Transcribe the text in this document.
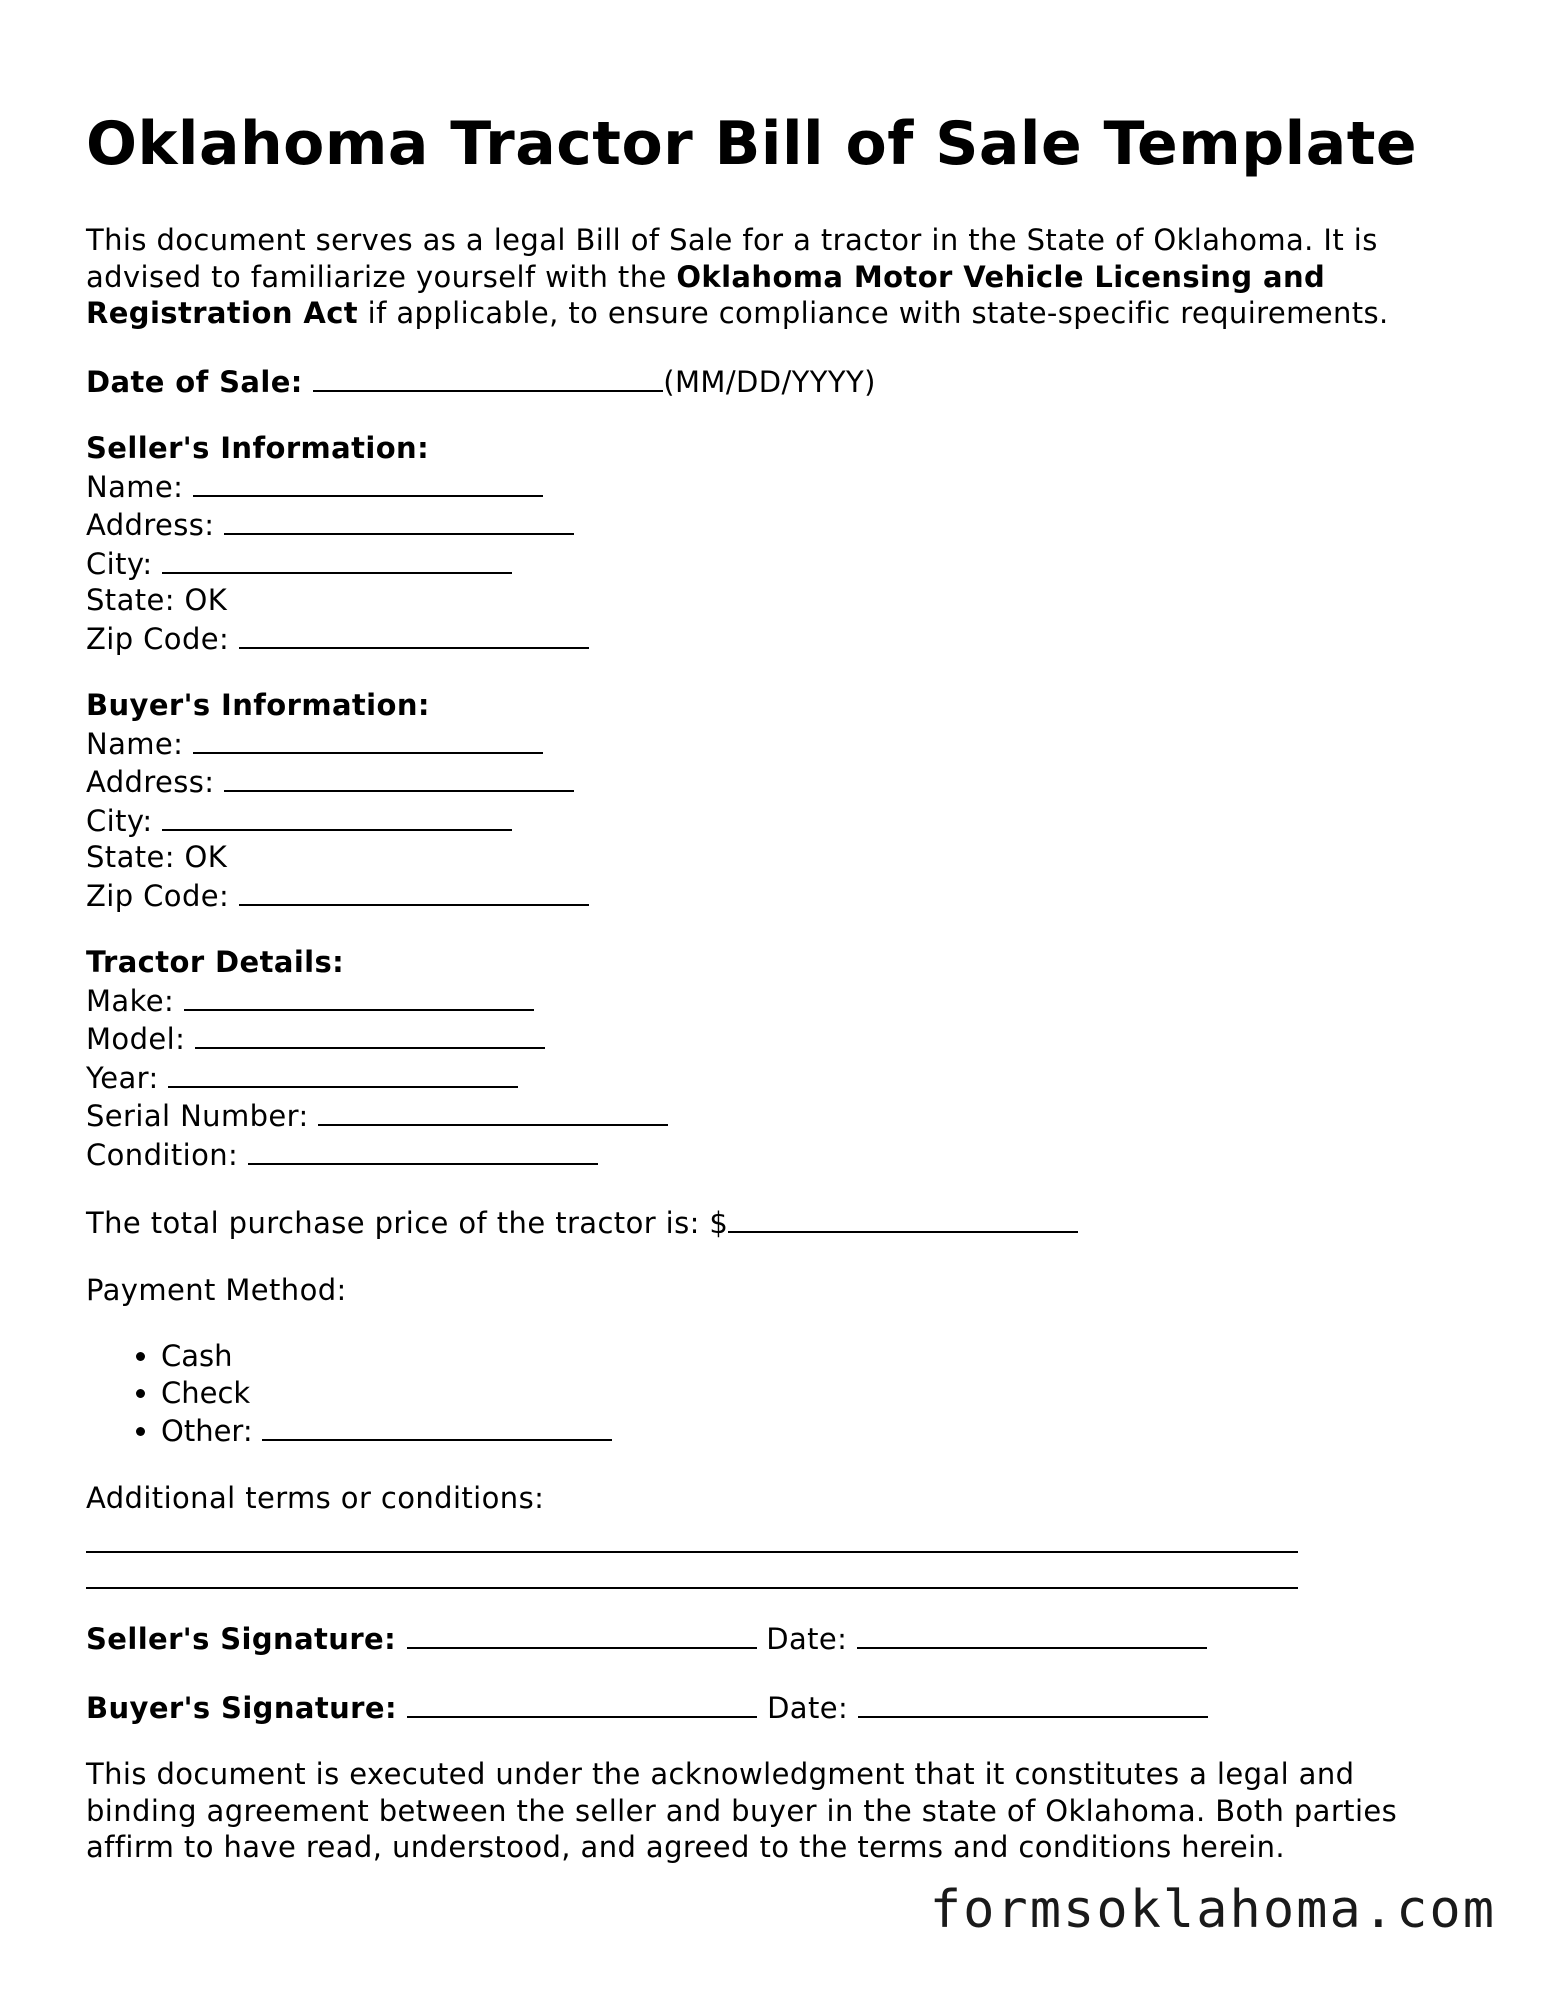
Oklahoma Tractor Bill of Sale Template
This document serves as a legal Bill of Sale for a tractor in the State of Oklahoma. It is advised to familiarize yourself with the Oklahoma Motor Vehicle Licensing and Registration Act if applicable, to ensure compliance with state-specific requirements.
Date of Sale:	(MM/DD/YYYY)
Seller's Information:
Name:
Address:
City:
State: OK
Zip Code:
Buyer's Information:
Name:
Address:
City:
State: OK
Zip Code:
Tractor Details:
Make:
Model:
Year:
Serial Number:
Condition:
The total purchase price of the tractor is: $
Payment Method:
• Cash
• Check
• Other:
Additional terms or conditions:
Seller's Signature:	Date:
Buyer's Signature:	Date:
This document is executed under the acknowledgment that it constitutes a legal and binding agreement between the seller and buyer in the state of Oklahoma. Both parties affirm to have read, understood, and agreed to the terms and conditions herein.
formsoklahoma.com
